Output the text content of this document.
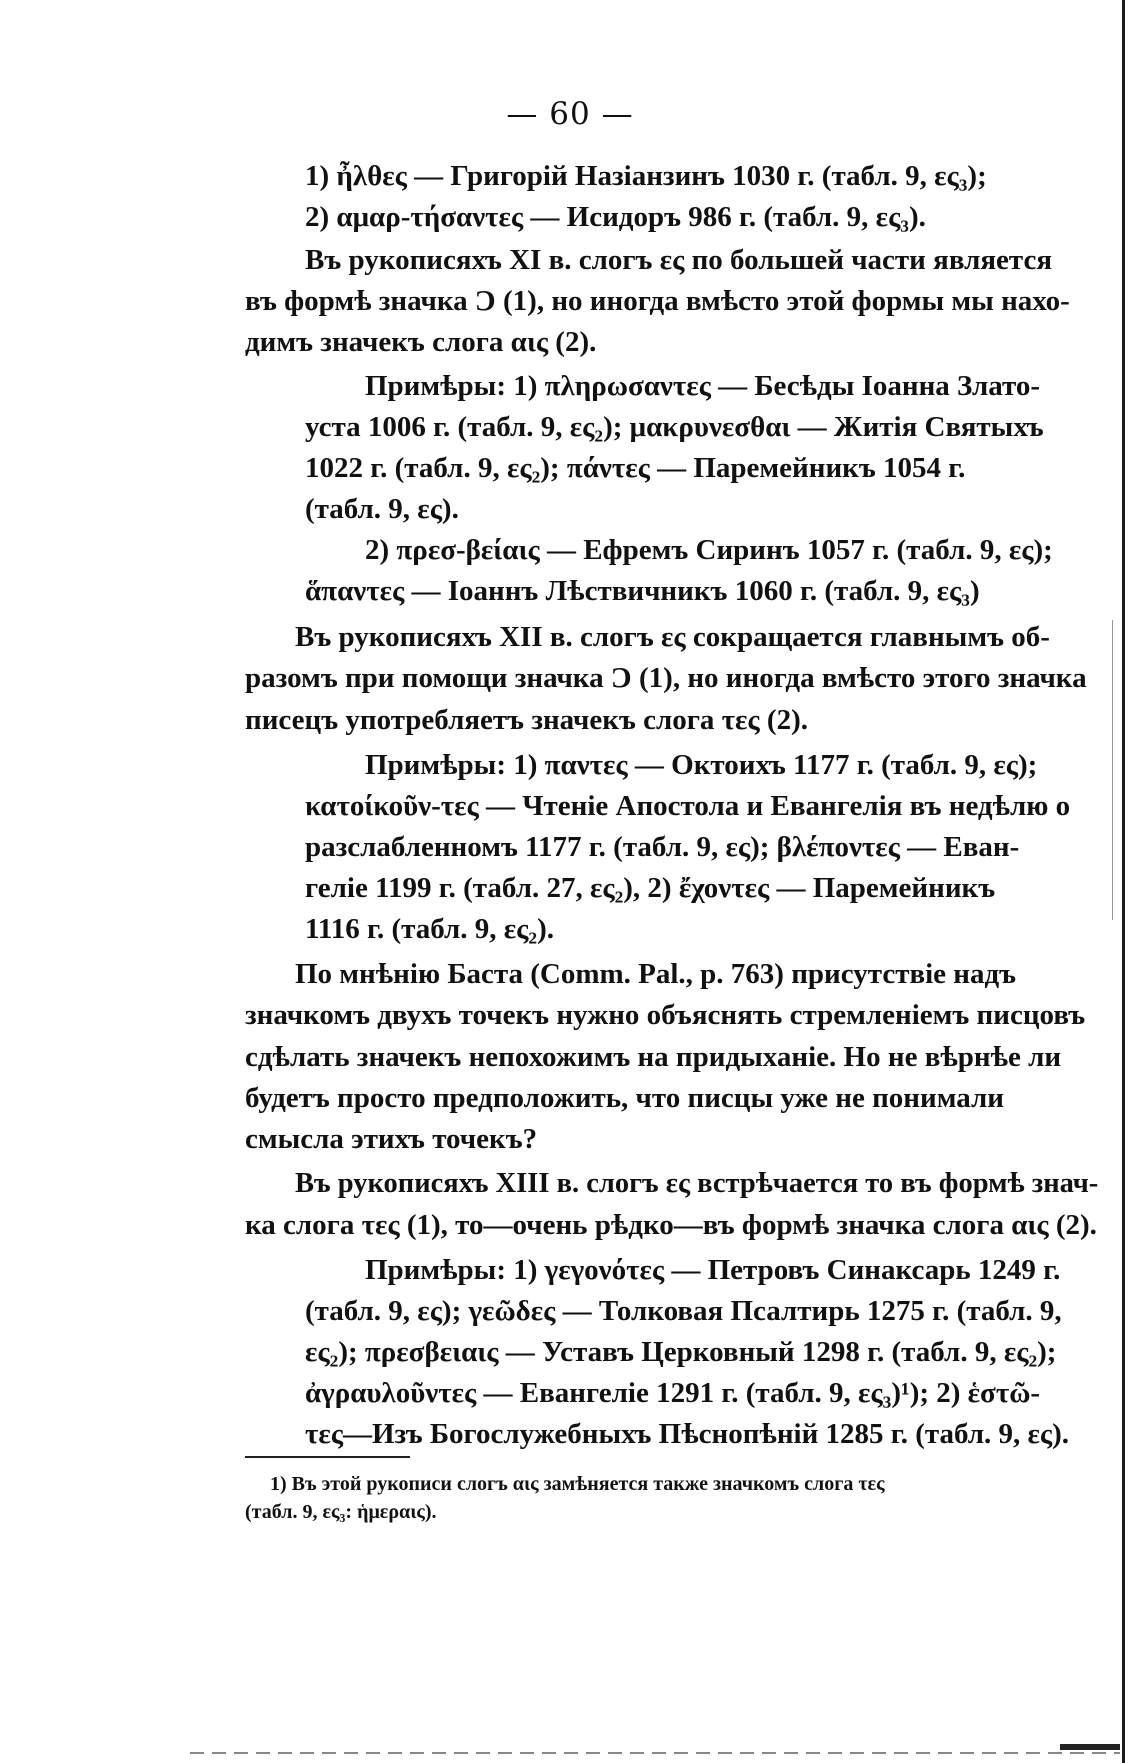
— 60 —
1) ἦλθες — Григорій Назіанзинъ 1030 г. (табл. 9, ες₃);
2) αμαρ-τήσαντες — Исидоръ 986 г. (табл. 9, ες₃).
Въ рукописяхъ XI в. слогъ ες по большей части является
въ формѣ значка Ͻ (1), но иногда вмѣсто этой формы мы нахо-
димъ значекъ слога αις (2).
Примѣры: 1) πληρωσαντες — Бесѣды Іоанна Злато-
уста 1006 г. (табл. 9, ες₂); μακρυνεσθαι — Житія Святыхъ
1022 г. (табл. 9, ες₂); πάντες — Паремейникъ 1054 г.
(табл. 9, ες).
2) πρεσ-βείαις — Ефремъ Сиринъ 1057 г. (табл. 9, ες);
ἅπαντες — Іоаннъ Лѣствичникъ 1060 г. (табл. 9, ες₃)
Въ рукописяхъ XII в. слогъ ες сокращается главнымъ об-
разомъ при помощи значка Ͻ (1), но иногда вмѣсто этого значка
писецъ употребляетъ значекъ слога τες (2).
Примѣры: 1) παντες — Октоихъ 1177 г. (табл. 9, ες);
κατοίκοῦν-τες — Чтеніе Апостола и Евангелія въ недѣлю о
разслабленномъ 1177 г. (табл. 9, ες); βλέποντες — Еван-
геліе 1199 г. (табл. 27, ες₂), 2) ἔχοντες — Паремейникъ
1116 г. (табл. 9, ες₂).
По мнѣнію Баста (Comm. Pal., p. 763) присутствіе надъ
значкомъ двухъ точекъ нужно объяснять стремленіемъ писцовъ
сдѣлать значекъ непохожимъ на придыханіе. Но не вѣрнѣе ли
будетъ просто предположить, что писцы уже не понимали
смысла этихъ точекъ?
Въ рукописяхъ XIII в. слогъ ες встрѣчается то въ формѣ знач-
ка слога τες (1), то—очень рѣдко—въ формѣ значка слога αις (2).
Примѣры: 1) γεγονότες — Петровъ Синаксарь 1249 г.
(табл. 9, ες); γεῶδες — Толковая Псалтирь 1275 г. (табл. 9,
ες₂); πρεσβειαις — Уставъ Церковный 1298 г. (табл. 9, ες₂);
ἀγραυλοῦντες — Евангеліе 1291 г. (табл. 9, ες₃)¹); 2) ἑστῶ-
τες—Изъ Богослужебныхъ Пѣснопѣній 1285 г. (табл. 9, ες).
1) Въ этой рукописи слогъ αις замѣняется также значкомъ слога τες
(табл. 9, ες₃: ἡμεραις).
